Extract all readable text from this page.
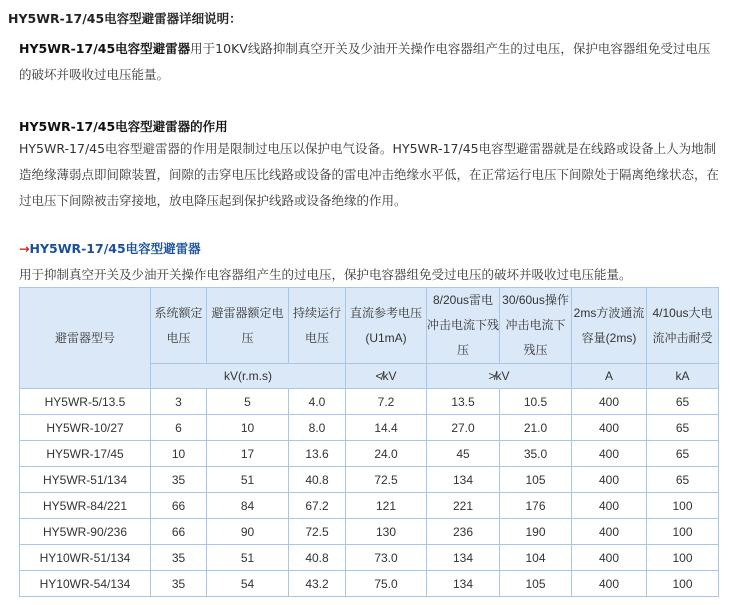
HY5WR-17/45电容型避雷器详细说明：
HY5WR-17/45电容型避雷器用于10KV线路抑制真空开关及少油开关操作电容器组产生的过电压，保护电容器组免受过电压的破坏并吸收过电压能量。
HY5WR-17/45电容型避雷器的作用
HY5WR-17/45电容型避雷器的作用是限制过电压以保护电气设备。HY5WR-17/45电容型避雷器就是在线路或设备上人为地制造绝缘薄弱点即间隙装置，间隙的击穿电压比线路或设备的雷电冲击绝缘水平低，在正常运行电压下间隙处于隔离绝缘状态，在过电压下间隙被击穿接地，放电降压起到保护线路或设备绝缘的作用。
→HY5WR-17/45电容型避雷器
用于抑制真空开关及少油开关操作电容器组产生的过电压，保护电容器组免受过电压的破坏并吸收过电压能量。
避雷器型号	系统额定电压	避雷器额定电压	持续运行电压	直流参考电压(U1mA)	8/20us雷电冲击电流下残压	30/60us操作冲击电流下残压	2ms方波通流容量(2ms)	4/10us大电流冲击耐受
	kV(r.m.s)			≮kV	≯kV		A	kA
HY5WR-5/13.5	3	5	4.0	7.2	13.5	10.5	400	65
HY5WR-10/27	6	10	8.0	14.4	27.0	21.0	400	65
HY5WR-17/45	10	17	13.6	24.0	45	35.0	400	65
HY5WR-51/134	35	51	40.8	72.5	134	105	400	65
HY5WR-84/221	66	84	67.2	121	221	176	400	100
HY5WR-90/236	66	90	72.5	130	236	190	400	100
HY10WR-51/134	35	51	40.8	73.0	134	104	400	100
HY10WR-54/134	35	54	43.2	75.0	134	105	400	100
